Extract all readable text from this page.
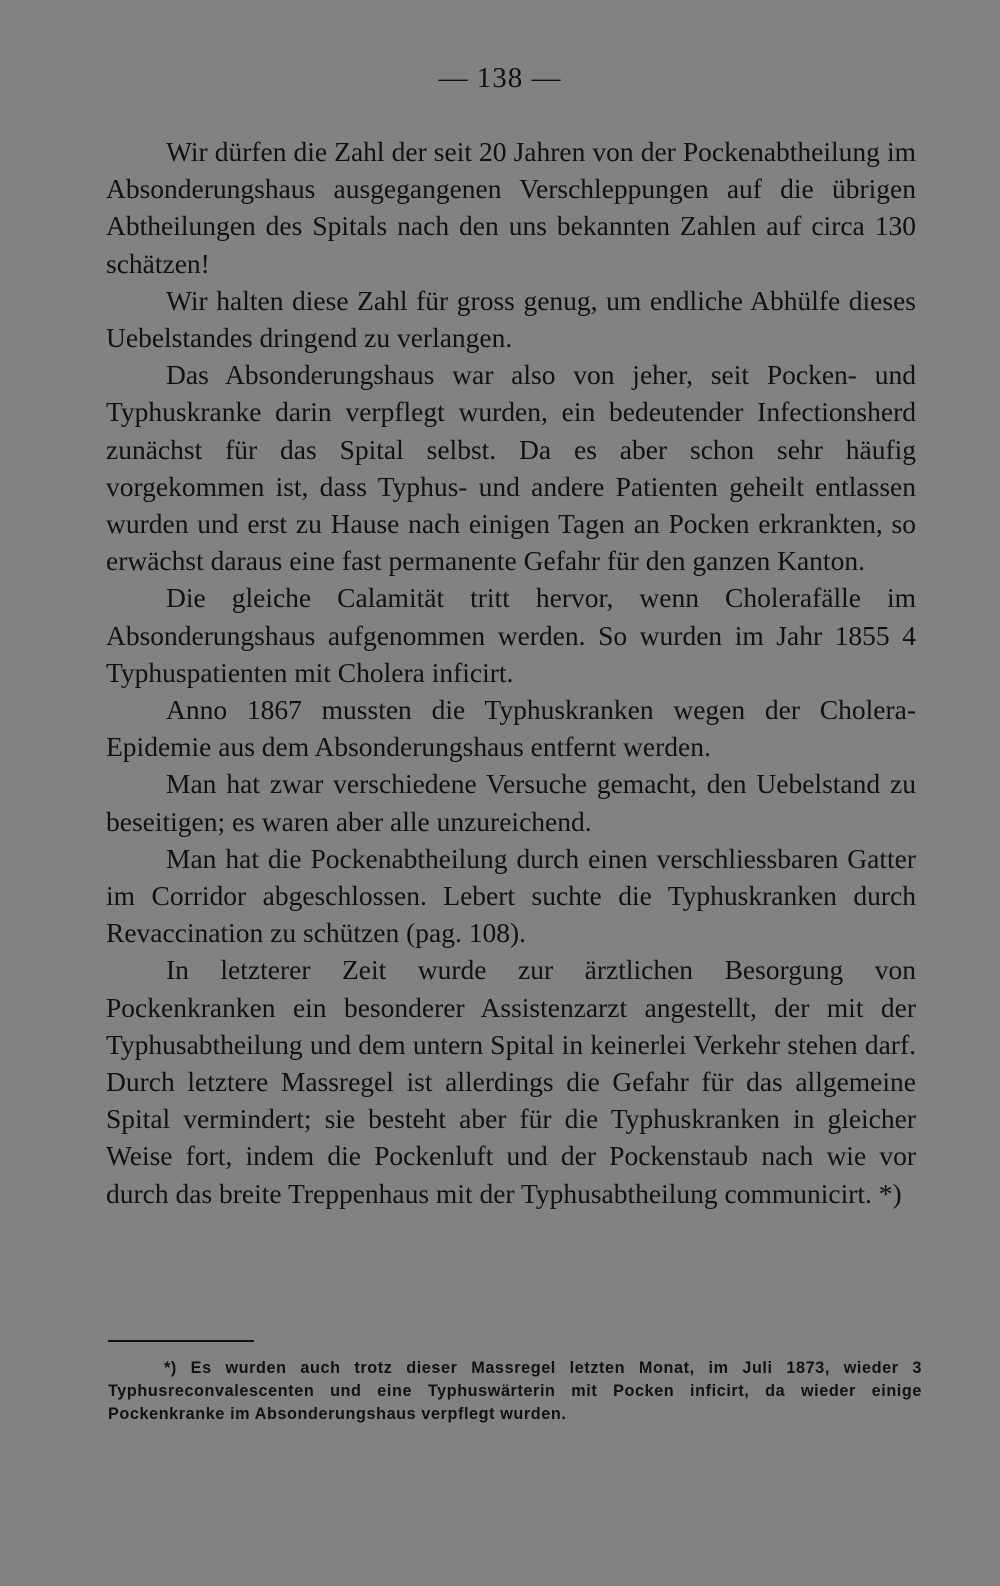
— 138 —

Wir dürfen die Zahl der seit 20 Jahren von der Pockenabtheilung im Absonderungshaus ausgegangenen Verschleppungen auf die übrigen Abtheilungen des Spitals nach den uns bekannten Zahlen auf circa 130 schätzen!

Wir halten diese Zahl für gross genug, um endliche Abhülfe dieses Uebelstandes dringend zu verlangen.

Das Absonderungshaus war also von jeher, seit Pocken- und Typhuskranke darin verpflegt wurden, ein bedeutender Infectionsherd zunächst für das Spital selbst. Da es aber schon sehr häufig vorgekommen ist, dass Typhus- und andere Patienten geheilt entlassen wurden und erst zu Hause nach einigen Tagen an Pocken erkrankten, so erwächst daraus eine fast permanente Gefahr für den ganzen Kanton.

Die gleiche Calamität tritt hervor, wenn Cholerafälle im Absonderungshaus aufgenommen werden. So wurden im Jahr 1855 4 Typhuspatienten mit Cholera inficirt.

Anno 1867 mussten die Typhuskranken wegen der Cholera-Epidemie aus dem Absonderungshaus entfernt werden.

Man hat zwar verschiedene Versuche gemacht, den Uebelstand zu beseitigen; es waren aber alle unzureichend.

Man hat die Pockenabtheilung durch einen verschliessbaren Gatter im Corridor abgeschlossen. Lebert suchte die Typhuskranken durch Revaccination zu schützen (pag. 108).

In letzterer Zeit wurde zur ärztlichen Besorgung von Pockenkranken ein besonderer Assistenzarzt angestellt, der mit der Typhusabtheilung und dem untern Spital in keinerlei Verkehr stehen darf. Durch letztere Massregel ist allerdings die Gefahr für das allgemeine Spital vermindert; sie besteht aber für die Typhuskranken in gleicher Weise fort, indem die Pockenluft und der Pockenstaub nach wie vor durch das breite Treppenhaus mit der Typhusabtheilung communicirt. *)

*) Es wurden auch trotz dieser Massregel letzten Monat, im Juli 1873, wieder 3 Typhusreconvalescenten und eine Typhuswärterin mit Pocken inficirt, da wieder einige Pockenkranke im Absonderungshaus verpflegt wurden.
